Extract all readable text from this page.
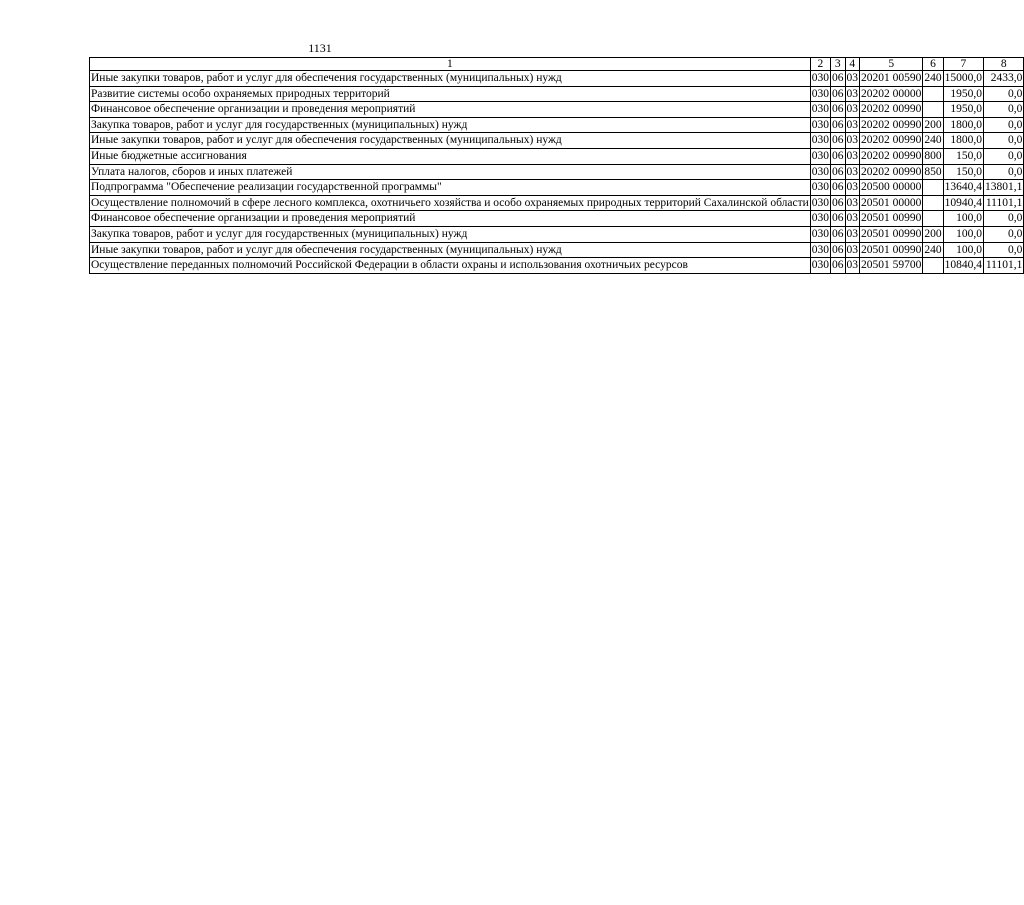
1131
1	2	3	4	5	6	7	8
Иные закупки товаров, работ и услуг для обеспечения государственных (муниципальных) нужд	030	06	03	20201 00590	240	15000,0	2433,0
Развитие системы особо охраняемых природных территорий	030	06	03	20202 00000		1950,0	0,0
Финансовое обеспечение организации и проведения мероприятий	030	06	03	20202 00990		1950,0	0,0
Закупка товаров, работ и услуг для государственных (муниципальных) нужд	030	06	03	20202 00990	200	1800,0	0,0
Иные закупки товаров, работ и услуг для обеспечения государственных (муниципальных) нужд	030	06	03	20202 00990	240	1800,0	0,0
Иные бюджетные ассигнования	030	06	03	20202 00990	800	150,0	0,0
Уплата налогов, сборов и иных платежей	030	06	03	20202 00990	850	150,0	0,0
Подпрограмма "Обеспечение реализации государственной программы"	030	06	03	20500 00000		13640,4	13801,1
Осуществление полномочий в сфере лесного комплекса, охотничьего хозяйства и особо охраняемых природных территорий Сахалинской области	030	06	03	20501 00000		10940,4	11101,1
Финансовое обеспечение организации и проведения мероприятий	030	06	03	20501 00990		100,0	0,0
Закупка товаров, работ и услуг для государственных (муниципальных) нужд	030	06	03	20501 00990	200	100,0	0,0
Иные закупки товаров, работ и услуг для обеспечения государственных (муниципальных) нужд	030	06	03	20501 00990	240	100,0	0,0
Осуществление переданных полномочий Российской Федерации в области охраны и использования охотничьих ресурсов	030	06	03	20501 59700		10840,4	11101,1
